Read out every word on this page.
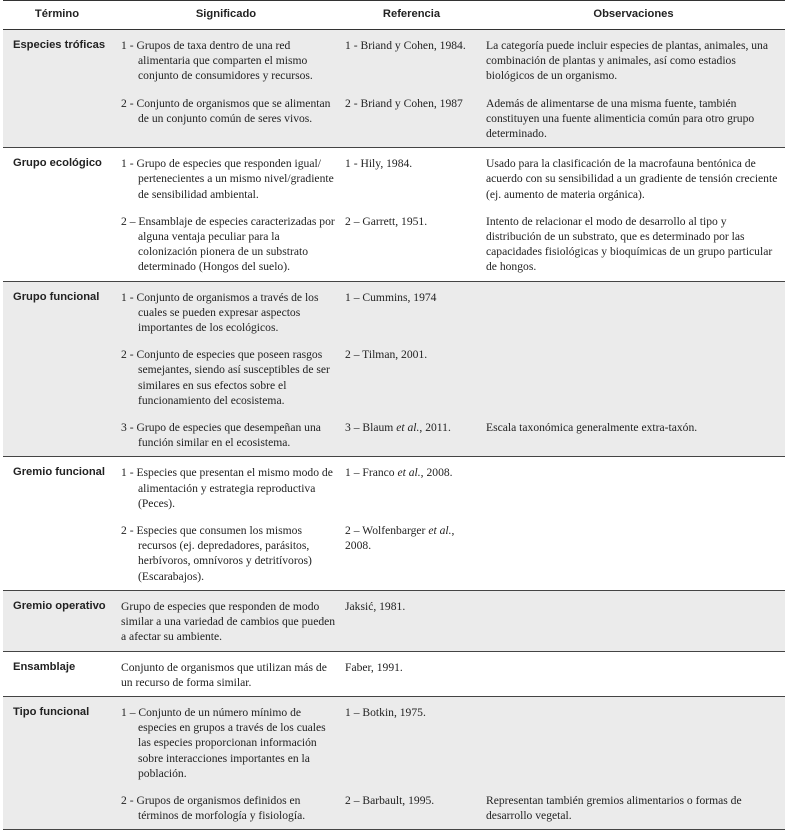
Término	Significado	Referencia	Observaciones
Especies tróficas	1 - Grupos de taxa dentro de una red alimentaria que comparten el mismo conjunto de consumidores y recursos.	1 - Briand y Cohen, 1984.	La categoría puede incluir especies de plantas, animales, una combinación de plantas y animales, así como estadios biológicos de un organismo.

	2 - Conjunto de organismos que se alimentan de un conjunto común de seres vivos.	2 - Briand y Cohen, 1987	Además de alimentarse de una misma fuente, también constituyen una fuente alimenticia común para otro grupo determinado.
Grupo ecológico	1 - Grupo de especies que responden igual/ pertenecientes a un mismo nivel/gradiente de sensibilidad ambiental.	1 - Hily, 1984.	Usado para la clasificación de la macrofauna bentónica de acuerdo con su sensibilidad a un gradiente de tensión creciente (ej. aumento de materia orgánica).

	2 – Ensamblaje de especies caracterizadas por alguna ventaja peculiar para la colonización pionera de un substrato determinado (Hongos del suelo).	2 – Garrett, 1951.	Intento de relacionar el modo de desarrollo al tipo y distribución de un substrato, que es determinado por las capacidades fisiológicas y bioquímicas de un grupo particular de hongos.
Grupo funcional	1 - Conjunto de organismos a través de los cuales se pueden expresar aspectos importantes de los ecológicos.	1 – Cummins, 1974	

	2 - Conjunto de especies que poseen rasgos semejantes, siendo así susceptibles de ser similares en sus efectos sobre el funcionamiento del ecosistema.	2 – Tilman, 2001.	

	3 - Grupo de especies que desempeñan una función similar en el ecosistema.	3 – Blaum et al., 2011.	Escala taxonómica generalmente extra-taxón.
Gremio funcional	1 - Especies que presentan el mismo modo de alimentación y estrategia reproductiva (Peces).	1 – Franco et al., 2008.	

	2 - Especies que consumen los mismos recursos (ej. depredadores, parásitos, herbívoros, omnívoros y detritívoros) (Escarabajos).	2 – Wolfenbarger et al., 2008.	
Gremio operativo	Grupo de especies que responden de modo similar a una variedad de cambios que pueden a afectar su ambiente.	Jaksić, 1981.	
Ensamblaje	Conjunto de organismos que utilizan más de un recurso de forma similar.	Faber, 1991.	
Tipo funcional	1 – Conjunto de un número mínimo de especies en grupos a través de los cuales las especies proporcionan información sobre interacciones importantes en la población.	1 – Botkin, 1975.	

	2 - Grupos de organismos definidos en términos de morfología y fisiología.	2 – Barbault, 1995.	Representan también gremios alimentarios o formas de desarrollo vegetal.
